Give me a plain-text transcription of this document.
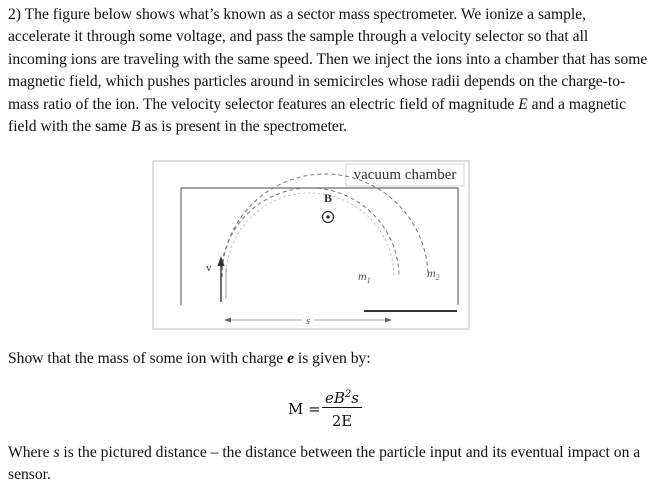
2) The figure below shows what’s known as a sector mass spectrometer. We ionize a sample, accelerate it through some voltage, and pass the sample through a velocity selector so that all incoming ions are traveling with the same speed. Then we inject the ions into a chamber that has some magnetic field, which pushes particles around in semicircles whose radii depends on the charge-to-mass ratio of the ion. The velocity selector features an electric field of magnitude E and a magnetic field with the same B as is present in the spectrometer.

vacuum chamber
v
B
$m_1$
$m_2$
s

Show that the mass of some ion with charge e is given by:

M =
$eB^2s$
2E

Where s is the pictured distance – the distance between the particle input and its eventual impact on a sensor.
